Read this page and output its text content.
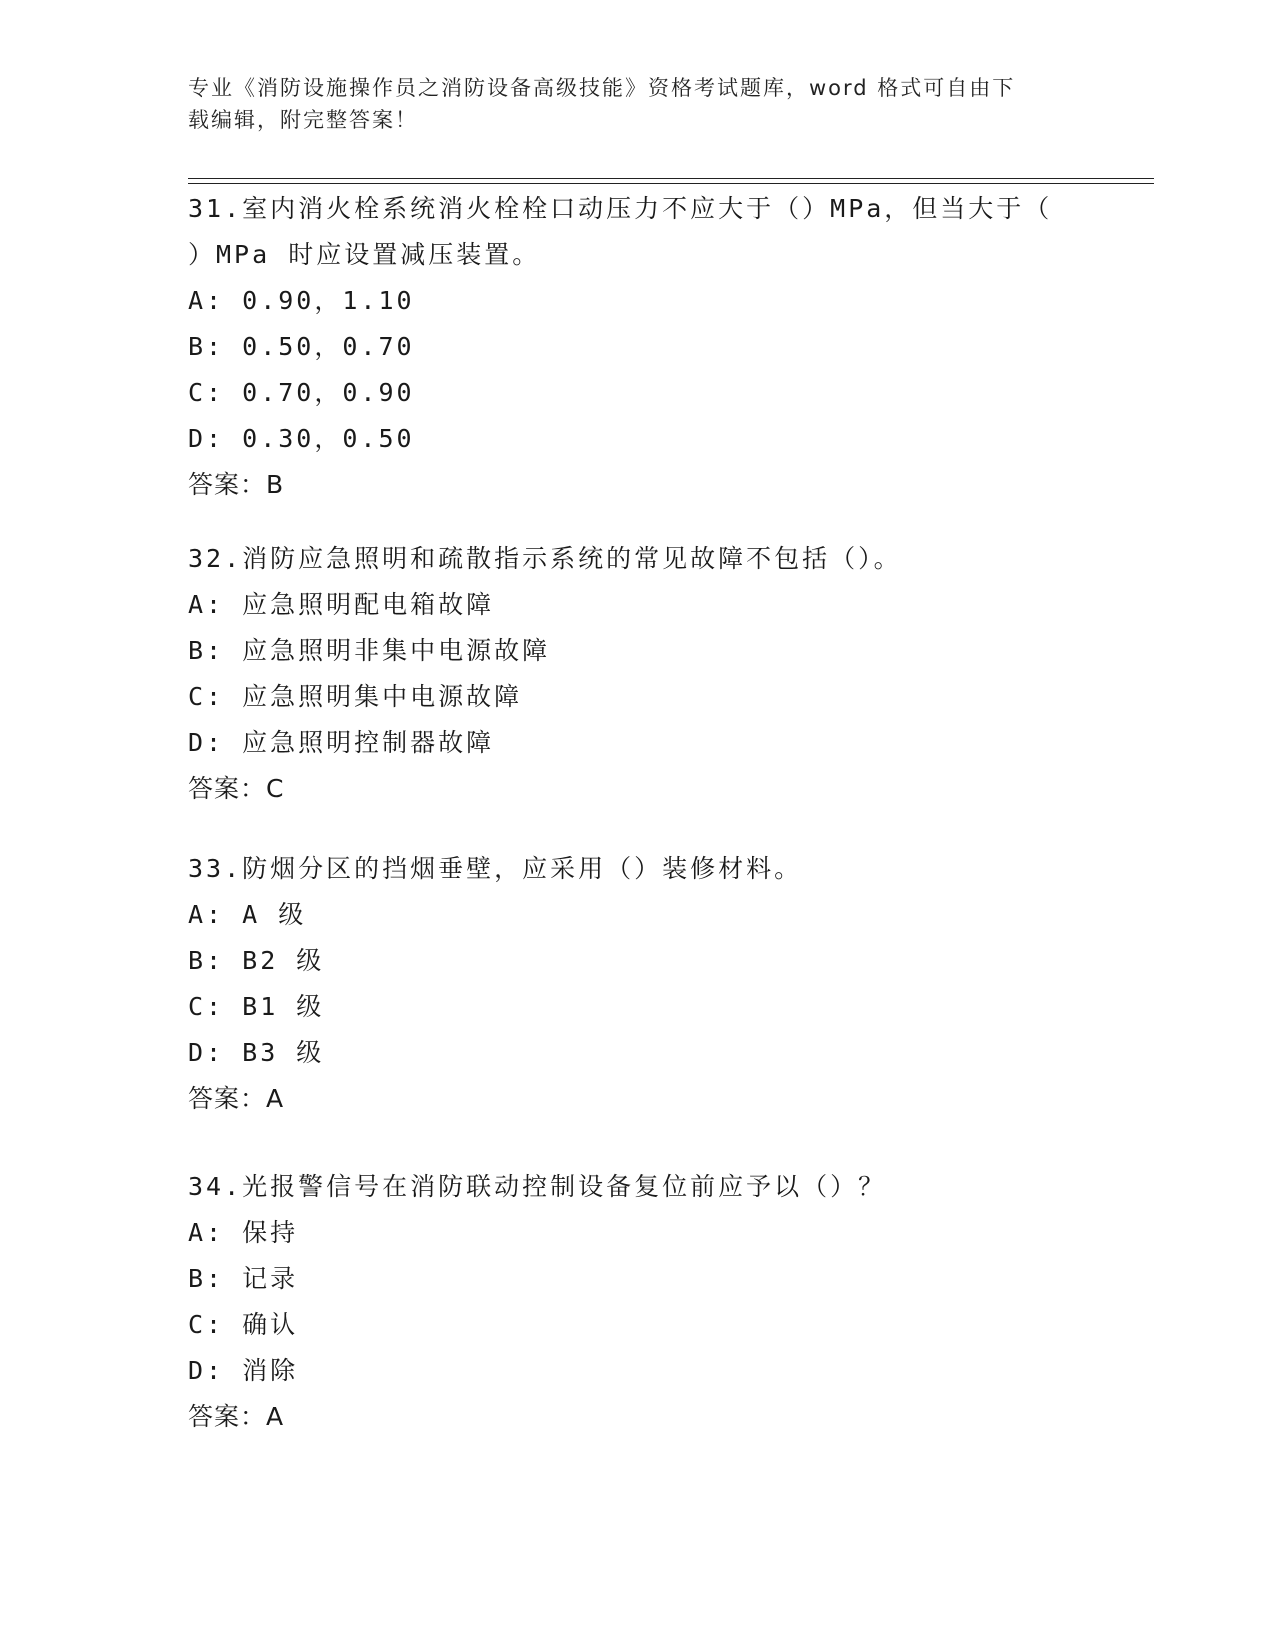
专业《消防设施操作员之消防设备高级技能》资格考试题库，word 格式可自由下
载编辑，附完整答案！
31.室内消火栓系统消火栓栓口动压力不应大于（）MPa，但当大于（
）MPa 时应设置减压装置。
A: 0.90，1.10
B: 0.50，0.70
C: 0.70，0.90
D: 0.30，0.50
答案：B
32.消防应急照明和疏散指示系统的常见故障不包括（）。
A: 应急照明配电箱故障
B: 应急照明非集中电源故障
C: 应急照明集中电源故障
D: 应急照明控制器故障
答案：C
33.防烟分区的挡烟垂壁，应采用（）装修材料。
A: A 级
B: B2 级
C: B1 级
D: B3 级
答案：A
34.光报警信号在消防联动控制设备复位前应予以（）？
A: 保持
B: 记录
C: 确认
D: 消除
答案：A
